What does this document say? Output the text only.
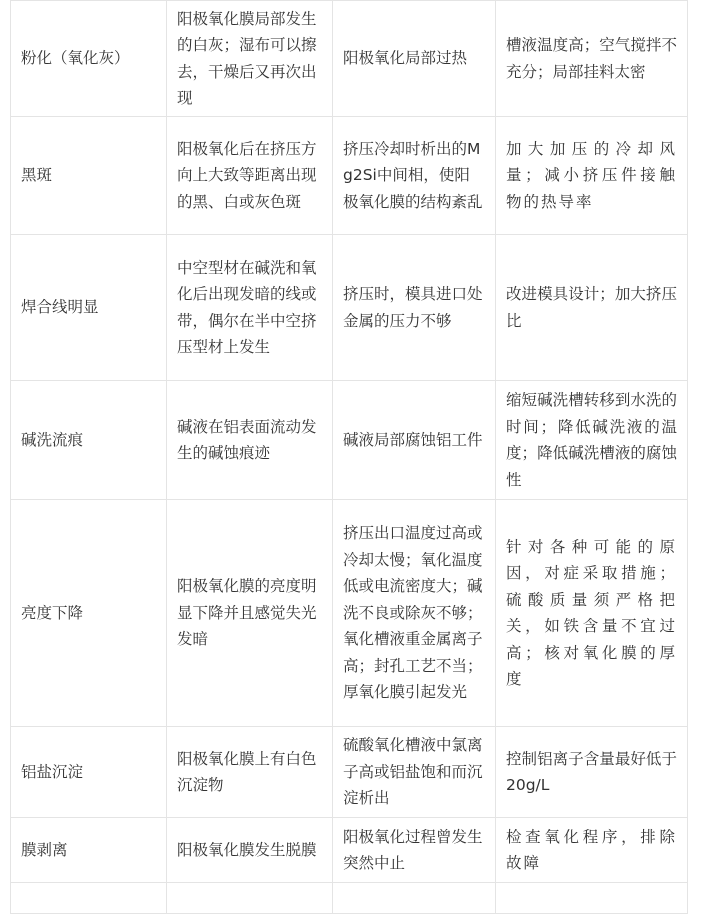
粉化（氧化灰）	阳极氧化膜局部发生的白灰；湿布可以擦去，干燥后又再次出现	阳极氧化局部过热	槽液温度高；空气搅拌不充分；局部挂料太密
黑斑	阳极氧化后在挤压方向上大致等距离出现的黑、白或灰色斑	挤压冷却时析出的Mg2Si中间相，使阳极氧化膜的结构紊乱	加大加压的冷却风量；减小挤压件接触物的热导率
焊合线明显	中空型材在碱洗和氧化后出现发暗的线或带，偶尔在半中空挤压型材上发生	挤压时，模具进口处金属的压力不够	改进模具设计；加大挤压比
碱洗流痕	碱液在铝表面流动发生的碱蚀痕迹	碱液局部腐蚀铝工件	缩短碱洗槽转移到水洗的时间；降低碱洗液的温度；降低碱洗槽液的腐蚀性
亮度下降	阳极氧化膜的亮度明显下降并且感觉失光发暗	挤压出口温度过高或冷却太慢；氧化温度低或电流密度大；碱洗不良或除灰不够；氧化槽液重金属离子高；封孔工艺不当；厚氧化膜引起发光	针对各种可能的原因，对症采取措施；硫酸质量须严格把关，如铁含量不宜过高；核对氧化膜的厚度
铝盐沉淀	阳极氧化膜上有白色沉淀物	硫酸氧化槽液中氯离子高或铝盐饱和而沉淀析出	控制铝离子含量最好低于20g/L
膜剥离	阳极氧化膜发生脱膜	阳极氧化过程曾发生突然中止	检查氧化程序，排除故障
